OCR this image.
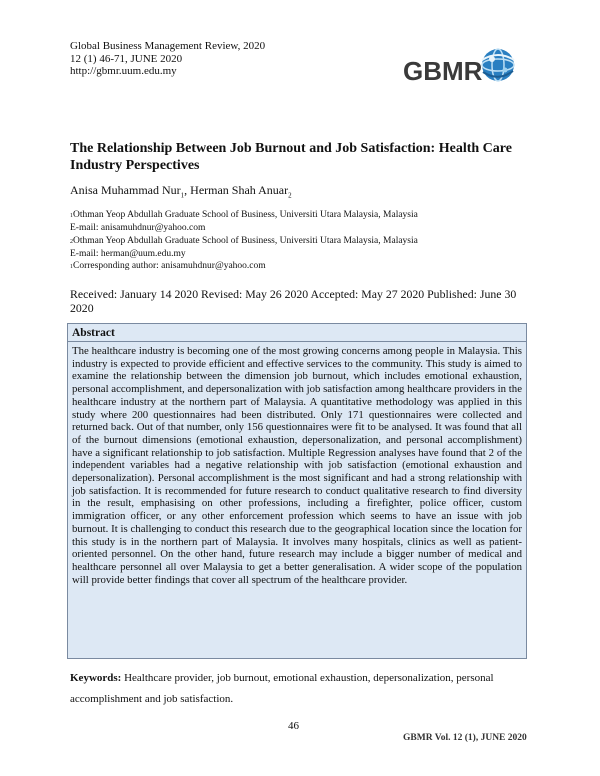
Global Business Management Review, 2020
12 (1) 46-71, JUNE 2020
http://gbmr.uum.edu.my	GBMR
The Relationship Between Job Burnout and Job Satisfaction: Health Care Industry Perspectives
Anisa Muhammad Nur$_1$, Herman Shah Anuar$_2$
1Othman Yeop Abdullah Graduate School of Business, Universiti Utara Malaysia, Malaysia
E-mail: anisamuhdnur@yahoo.com
2Othman Yeop Abdullah Graduate School of Business, Universiti Utara Malaysia, Malaysia
E-mail: herman@uum.edu.my
1Corresponding author: anisamuhdnur@yahoo.com
Received: January 14 2020 Revised: May 26 2020 Accepted: May 27 2020 Published: June 30 2020
Abstract
The healthcare industry is becoming one of the most growing concerns among people in Malaysia. This industry is expected to provide efficient and effective services to the community. This study is aimed to examine the relationship between the dimension job burnout, which includes emotional exhaustion, personal accomplishment, and depersonalization with job satisfaction among healthcare providers in the healthcare industry at the northern part of Malaysia. A quantitative methodology was applied in this study where 200 questionnaires had been distributed. Only 171 questionnaires were collected and returned back. Out of that number, only 156 questionnaires were fit to be analysed. It was found that all of the burnout dimensions (emotional exhaustion, depersonalization, and personal accomplishment) have a significant relationship to job satisfaction. Multiple Regression analyses have found that 2 of the independent variables had a negative relationship with job satisfaction (emotional exhaustion and depersonalization). Personal accomplishment is the most significant and had a strong relationship with job satisfaction. It is recommended for future research to conduct qualitative research to find diversity in the result, emphasising on other professions, including a firefighter, police officer, custom immigration officer, or any other enforcement profession which seems to have an issue with job burnout. It is challenging to conduct this research due to the geographical location since the location for this study is in the northern part of Malaysia. It involves many hospitals, clinics as well as patient-oriented personnel. On the other hand, future research may include a bigger number of medical and healthcare personnel all over Malaysia to get a better generalisation. A wider scope of the population will provide better findings that cover all spectrum of the healthcare provider.
Keywords: Healthcare provider, job burnout, emotional exhaustion, depersonalization, personal accomplishment and job satisfaction.
46
GBMR Vol. 12 (1), JUNE 2020
